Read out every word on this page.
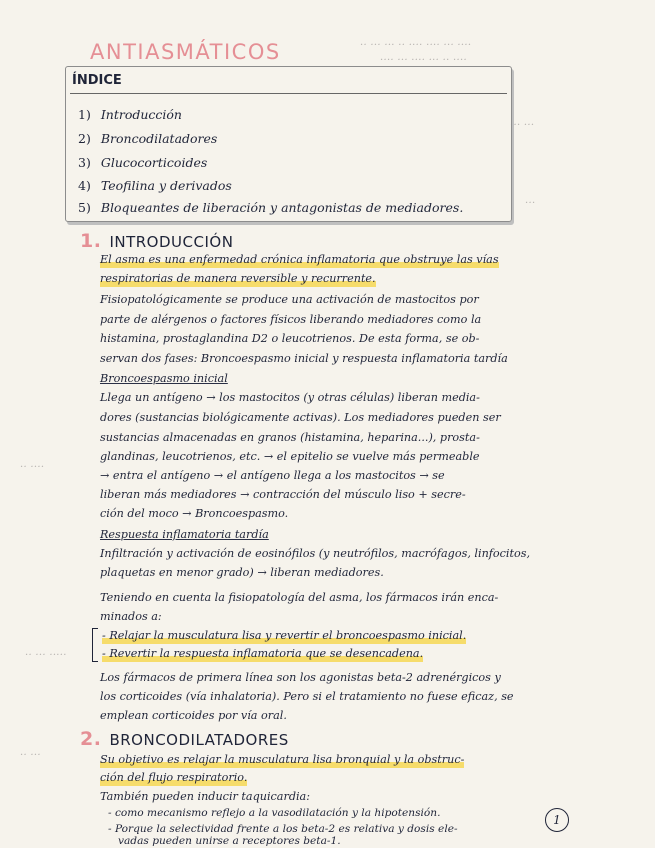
·· ··· ··· ·· ···· ···· ··· ····
···· ··· ···· ··· ·· ····
··· ···
···
·· ····
·· ··· ·····
·· ···
ANTIASMÁTICOS
ÍNDICE
1) Introducción
2) Broncodilatadores
3) Glucocorticoides
4) Teofilina y derivados
5) Bloqueantes de liberación y antagonistas de mediadores.
1. INTRODUCCIÓN
El asma es una enfermedad crónica inflamatoria que obstruye las vías
respiratorias de manera reversible y recurrente.
Fisiopatológicamente se produce una activación de mastocitos por
parte de alérgenos o factores físicos liberando mediadores como la
histamina, prostaglandina D2 o leucotrienos. De esta forma, se ob-
servan dos fases: Broncoespasmo inicial y respuesta inflamatoria tardía
Broncoespasmo inicial
Llega un antígeno → los mastocitos (y otras células) liberan media-
dores (sustancias biológicamente activas). Los mediadores pueden ser
sustancias almacenadas en granos (histamina, heparina...), prosta-
glandinas, leucotrienos, etc. → el epitelio se vuelve más permeable
→ entra el antígeno → el antígeno llega a los mastocitos → se
liberan más mediadores → contracción del músculo liso + secre-
ción del moco → Broncoespasmo.
Respuesta inflamatoria tardía
Infiltración y activación de eosinófilos (y neutrófilos, macrófagos, linfocitos,
plaquetas en menor grado) → liberan mediadores.
Teniendo en cuenta la fisiopatología del asma, los fármacos irán enca-
minados a:
- Relajar la musculatura lisa y revertir el broncoespasmo inicial.
- Revertir la respuesta inflamatoria que se desencadena.
Los fármacos de primera línea son los agonistas beta-2 adrenérgicos y
los corticoides (vía inhalatoria). Pero si el tratamiento no fuese eficaz, se
emplean corticoides por vía oral.
2. BRONCODILATADORES
Su objetivo es relajar la musculatura lisa bronquial y la obstruc-
ción del flujo respiratorio.
También pueden inducir taquicardia:
- como mecanismo reflejo a la vasodilatación y la hipotensión.
- Porque la selectividad frente a los beta-2 es relativa y dosis ele-
vadas pueden unirse a receptores beta-1.
1
